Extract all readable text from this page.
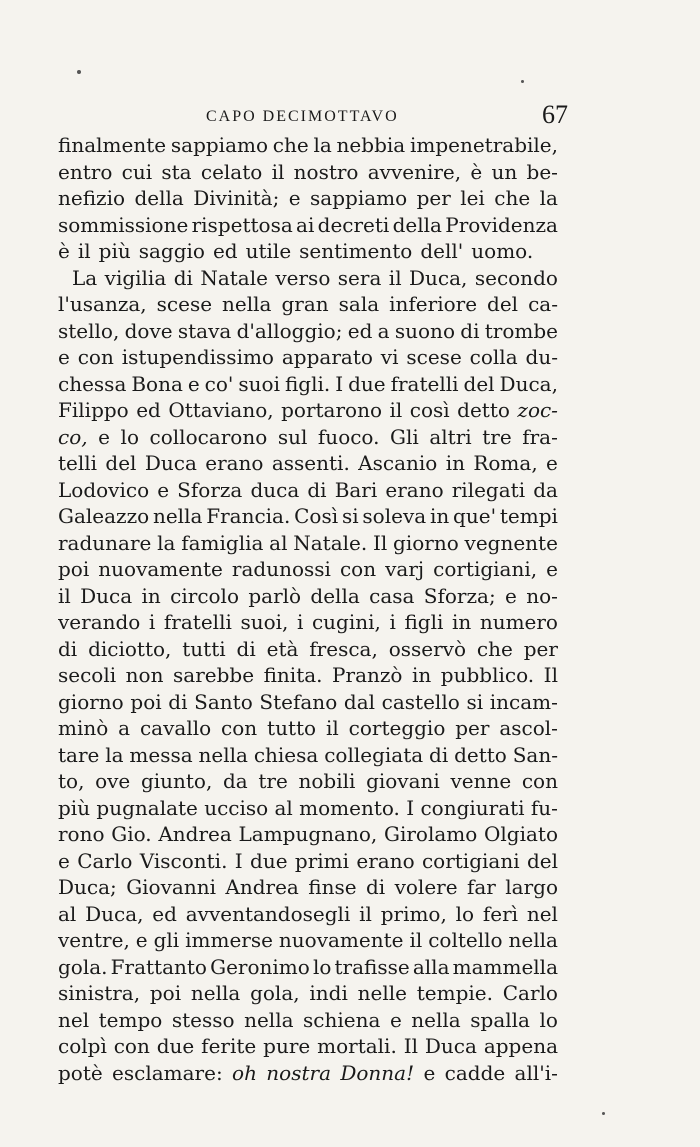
CAPO DECIMOTTAVO	67
finalmente sappiamo che la nebbia impenetrabile,
entro cui sta celato il nostro avvenire, è un be-
nefizio della Divinità; e sappiamo per lei che la
sommissione rispettosa ai decreti della Providenza
è il più saggio ed utile sentimento dell' uomo.
La vigilia di Natale verso sera il Duca, secondo
l'usanza, scese nella gran sala inferiore del ca-
stello, dove stava d'alloggio; ed a suono di trombe
e con istupendissimo apparato vi scese colla du-
chessa Bona e co' suoi figli. I due fratelli del Duca,
Filippo ed Ottaviano, portarono il così detto zoc-
co, e lo collocarono sul fuoco. Gli altri tre fra-
telli del Duca erano assenti. Ascanio in Roma, e
Lodovico e Sforza duca di Bari erano rilegati da
Galeazzo nella Francia. Così si soleva in que' tempi
radunare la famiglia al Natale. Il giorno vegnente
poi nuovamente radunossi con varj cortigiani, e
il Duca in circolo parlò della casa Sforza; e no-
verando i fratelli suoi, i cugini, i figli in numero
di diciotto, tutti di età fresca, osservò che per
secoli non sarebbe finita. Pranzò in pubblico. Il
giorno poi di Santo Stefano dal castello si incam-
minò a cavallo con tutto il corteggio per ascol-
tare la messa nella chiesa collegiata di detto San-
to, ove giunto, da tre nobili giovani venne con
più pugnalate ucciso al momento. I congiurati fu-
rono Gio. Andrea Lampugnano, Girolamo Olgiato
e Carlo Visconti. I due primi erano cortigiani del
Duca; Giovanni Andrea finse di volere far largo
al Duca, ed avventandosegli il primo, lo ferì nel
ventre, e gli immerse nuovamente il coltello nella
gola. Frattanto Geronimo lo trafisse alla mammella
sinistra, poi nella gola, indi nelle tempie. Carlo
nel tempo stesso nella schiena e nella spalla lo
colpì con due ferite pure mortali. Il Duca appena
potè esclamare: oh nostra Donna! e cadde all'i-
